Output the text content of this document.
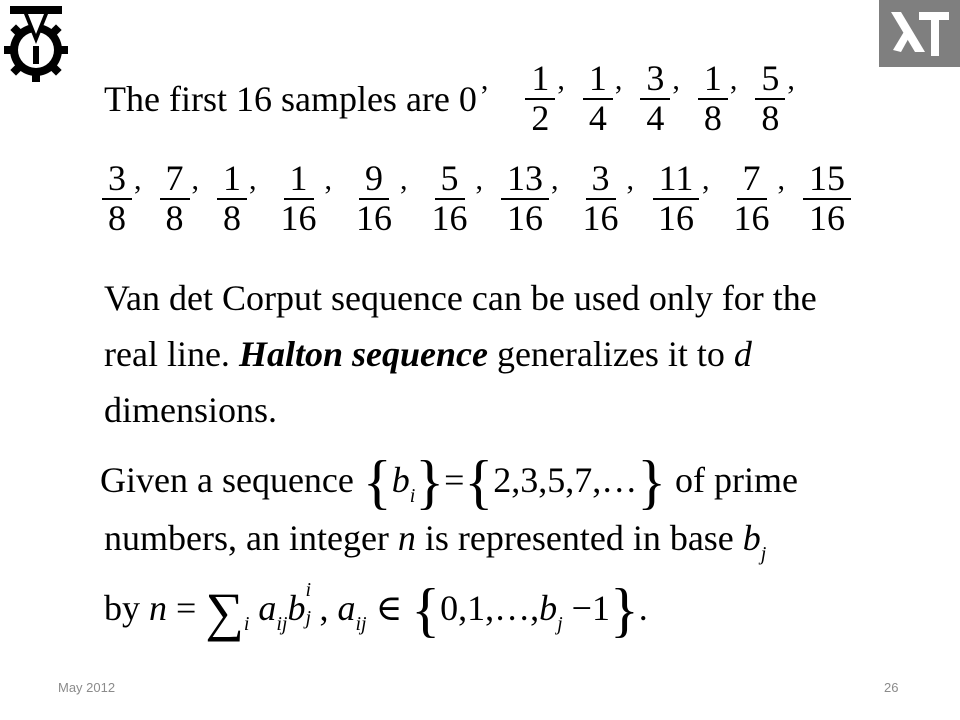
The first 16 samples are 0 , $\frac{1}{2}$ , $\frac{1}{4}$ , $\frac{3}{4}$ , $\frac{1}{8}$ , $\frac{5}{8}$ ,
$\frac{3}{8}$ , $\frac{7}{8}$ , $\frac{1}{8}$ , $\frac{1}{16}$ , $\frac{9}{16}$ , $\frac{5}{16}$ , $\frac{13}{16}$ , $\frac{3}{16}$ , $\frac{11}{16}$ , $\frac{7}{16}$ , $\frac{15}{16}$
Van det Corput sequence can be used only for the
real line. Halton sequence generalizes it to d
dimensions.
Given a sequence $\{b_i\}=\{2,3,5,7,\dots\}$ of prime
numbers, an integer n is represented in base $b_j$
by $n = \sum_i$ $a_{ij}b$ i
j , $a_{ij}$ ∈ $\{0,1,\dots,b_j -1\}$.
May 2012	26
